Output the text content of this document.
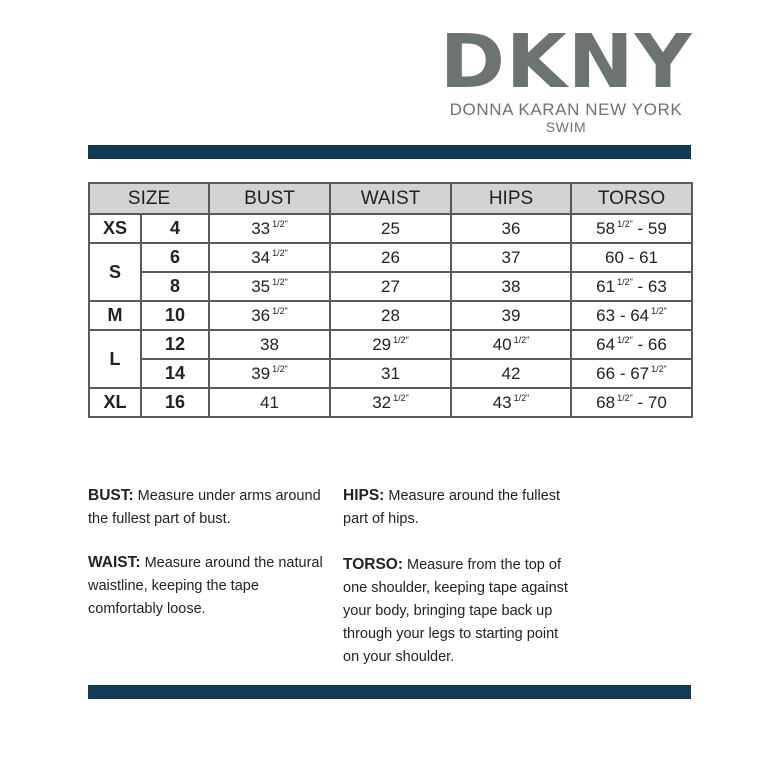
DKNY
DONNA KARAN NEW YORK
SWIM
SIZE		BUST	WAIST	HIPS	TORSO
XS	4	33 $^{1/2"}$	25	36	58 $^{1/2"}$ - 59
S	6	34 $^{1/2"}$	26	37	60 - 61
	8	35 $^{1/2"}$	27	38	61 $^{1/2"}$ - 63
M	10	36 $^{1/2"}$	28	39	63 - 64 $^{1/2"}$
L	12	38	29 $^{1/2"}$	40 $^{1/2"}$	64 $^{1/2"}$ - 66
	14	39 $^{1/2"}$	31	42	66 - 67 $^{1/2"}$
XL	16	41	32 $^{1/2"}$	43 $^{1/2"}$	68 $^{1/2"}$ - 70
BUST: Measure under arms around the fullest part of bust.
HIPS: Measure around the fullest part of hips.
WAIST: Measure around the natural waistline, keeping the tape comfortably loose.
TORSO: Measure from the top of one shoulder, keeping tape against your body, bringing tape back up through your legs to starting point on your shoulder.
